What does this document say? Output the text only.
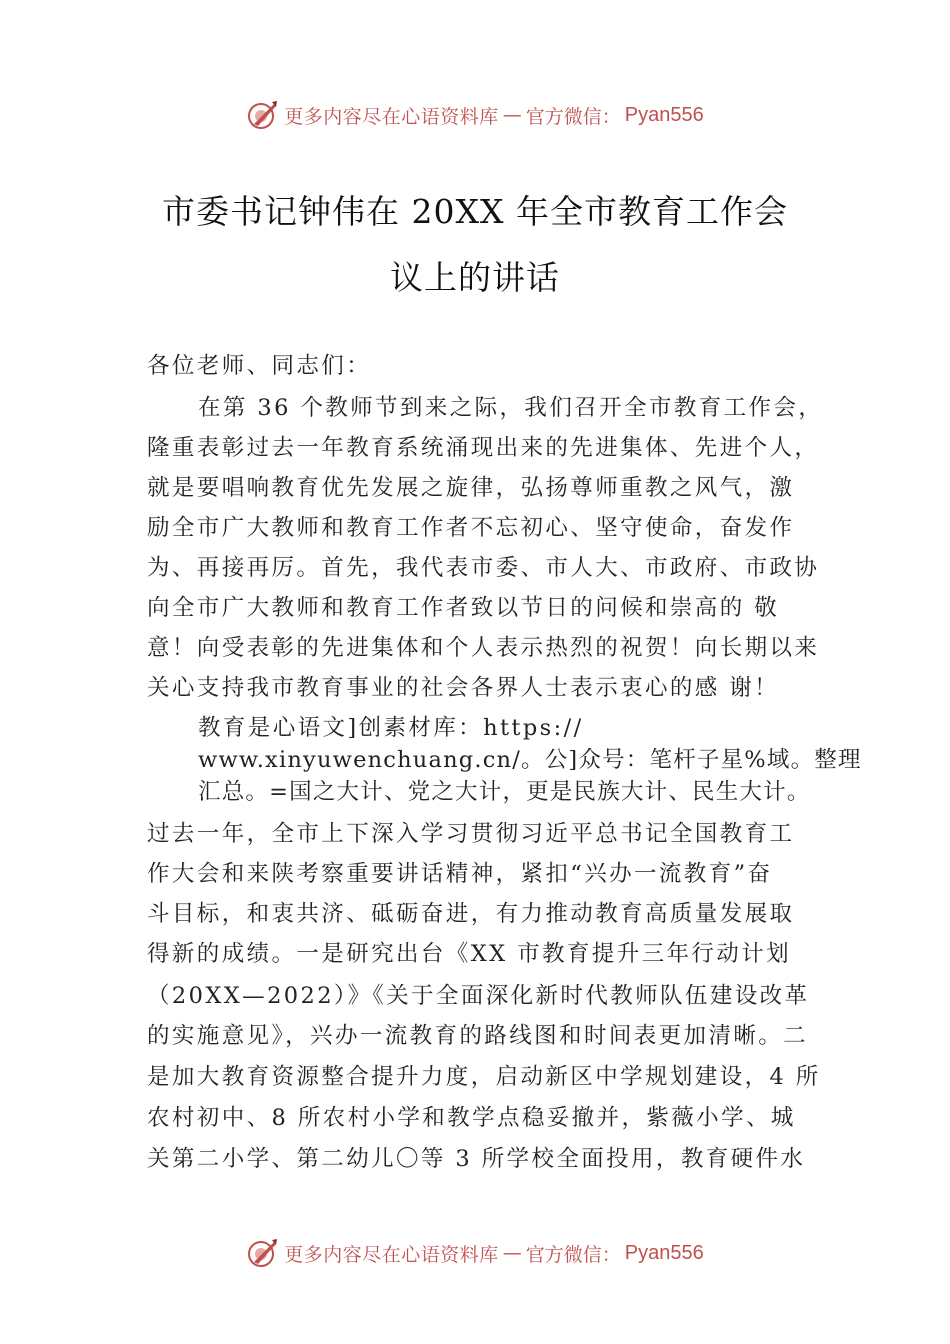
更多内容尽在心语资料库 — 官方微信： Pyan556
市委书记钟伟在 20XX 年全市教育工作会
议上的讲话
各位老师、同志们：
在第 36 个教师节到来之际，我们召开全市教育工作会，
隆重表彰过去一年教育系统涌现出来的先进集体、先进个人，
就是要唱响教育优先发展之旋律，弘扬尊师重教之风气，激
励全市广大教师和教育工作者不忘初心、坚守使命，奋发作
为、再接再厉。首先，我代表市委、市人大、市政府、市政协
向全市广大教师和教育工作者致以节日的问候和崇高的 敬
意！向受表彰的先进集体和个人表示热烈的祝贺！向长期以来
关心支持我市教育事业的社会各界人士表示衷心的感 谢！
教育是心语文]创素材库：https://
www.xinyuwenchuang.cn/。公]众号：笔杆子星%域。整理
汇总。=国之大计、党之大计，更是民族大计、民生大计。
过去一年，全市上下深入学习贯彻习近平总书记全国教育工
作大会和来陕考察重要讲话精神，紧扣“兴办一流教育”奋
斗目标，和衷共济、砥砺奋进，有力推动教育高质量发展取
得新的成绩。一是研究出台《XX 市教育提升三年行动计划
（20XX—2022）》《关于全面深化新时代教师队伍建设改革
的实施意见》，兴办一流教育的路线图和时间表更加清晰。二
是加大教育资源整合提升力度，启动新区中学规划建设，4 所
农村初中、8 所农村小学和教学点稳妥撤并，紫薇小学、城
关第二小学、第二幼儿〇等 3 所学校全面投用，教育硬件水
更多内容尽在心语资料库 — 官方微信： Pyan556
